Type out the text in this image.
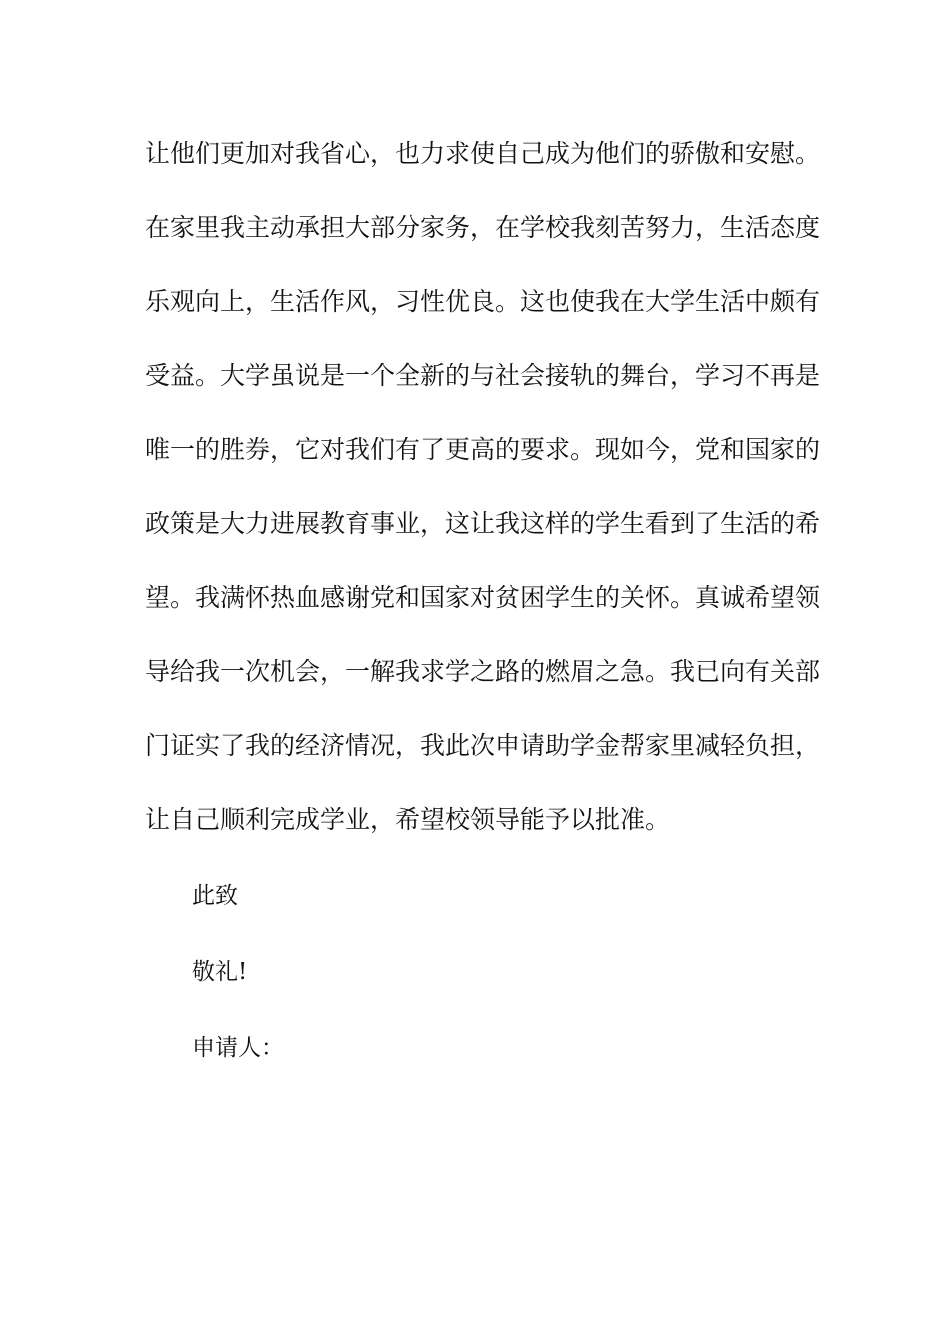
让他们更加对我省心，也力求使自己成为他们的骄傲和安慰。
在家里我主动承担大部分家务，在学校我刻苦努力，生活态度
乐观向上，生活作风，习性优良。这也使我在大学生活中颇有
受益。大学虽说是一个全新的与社会接轨的舞台，学习不再是
唯一的胜券，它对我们有了更高的要求。现如今，党和国家的
政策是大力进展教育事业，这让我这样的学生看到了生活的希
望。我满怀热血感谢党和国家对贫困学生的关怀。真诚希望领
导给我一次机会，一解我求学之路的燃眉之急。我已向有关部
门证实了我的经济情况，我此次申请助学金帮家里减轻负担，
让自己顺利完成学业，希望校领导能予以批准。
此致
敬礼!
申请人：
